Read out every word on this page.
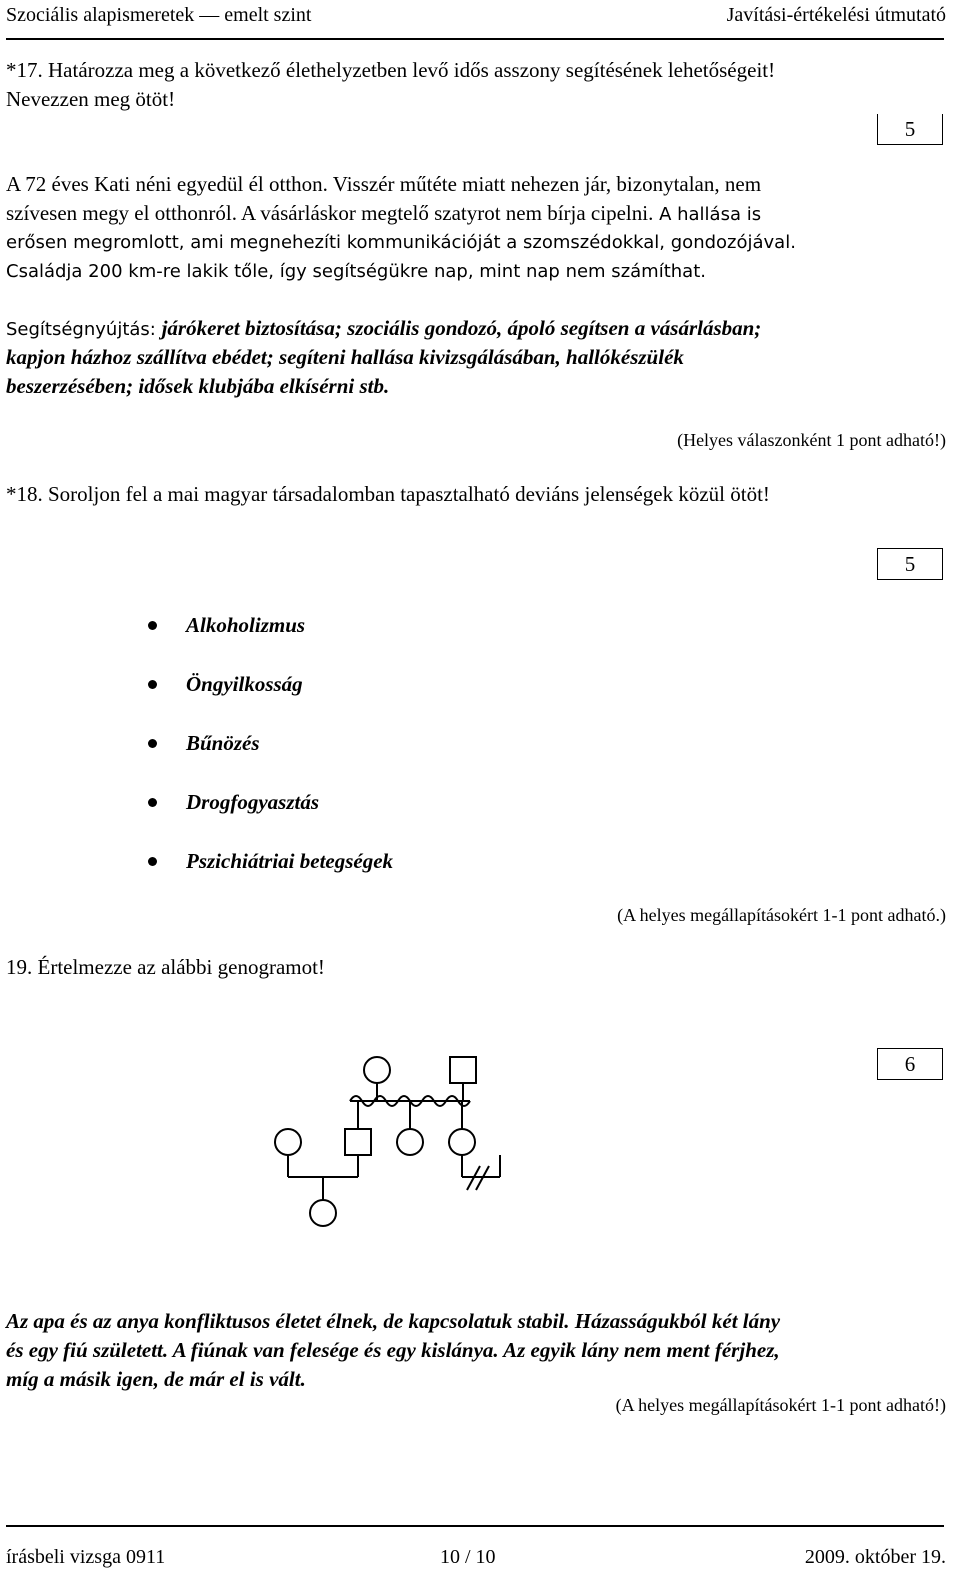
Szociális alapismeretek — emelt szint	Javítási-értékelési útmutató
*17. Határozza meg a következő élethelyzetben levő idős asszony segítésének lehetőségeit!
Nevezzen meg ötöt!
5
A 72 éves Kati néni egyedül él otthon. Visszér műtéte miatt nehezen jár, bizonytalan, nem
szívesen megy el otthonról. A vásárláskor megtelő szatyrot nem bírja cipelni. A hallása is
erősen megromlott, ami megnehezíti kommunikációját a szomszédokkal, gondozójával.
Családja 200 km-re lakik tőle, így segítségükre nap, mint nap nem számíthat.
Segítségnyújtás: járókeret biztosítása; szociális gondozó, ápoló segítsen a vásárlásban;
kapjon házhoz szállítva ebédet; segíteni hallása kivizsgálásában, hallókészülék
beszerzésében; idősek klubjába elkísérni stb.
(Helyes válaszonként 1 pont adható!)
*18. Soroljon fel a mai magyar társadalomban tapasztalható deviáns jelenségek közül ötöt!
5
Alkoholizmus
Öngyilkosság
Bűnözés
Drogfogyasztás
Pszichiátriai betegségek
(A helyes megállapításokért 1-1 pont adható.)
19. Értelmezze az alábbi genogramot!
6
Az apa és az anya konfliktusos életet élnek, de kapcsolatuk stabil. Házasságukból két lány
és egy fiú született. A fiúnak van felesége és egy kislánya. Az egyik lány nem ment férjhez,
míg a másik igen, de már el is vált.
(A helyes megállapításokért 1-1 pont adható!)
írásbeli vizsga 0911	10 / 10	2009. október 19.
